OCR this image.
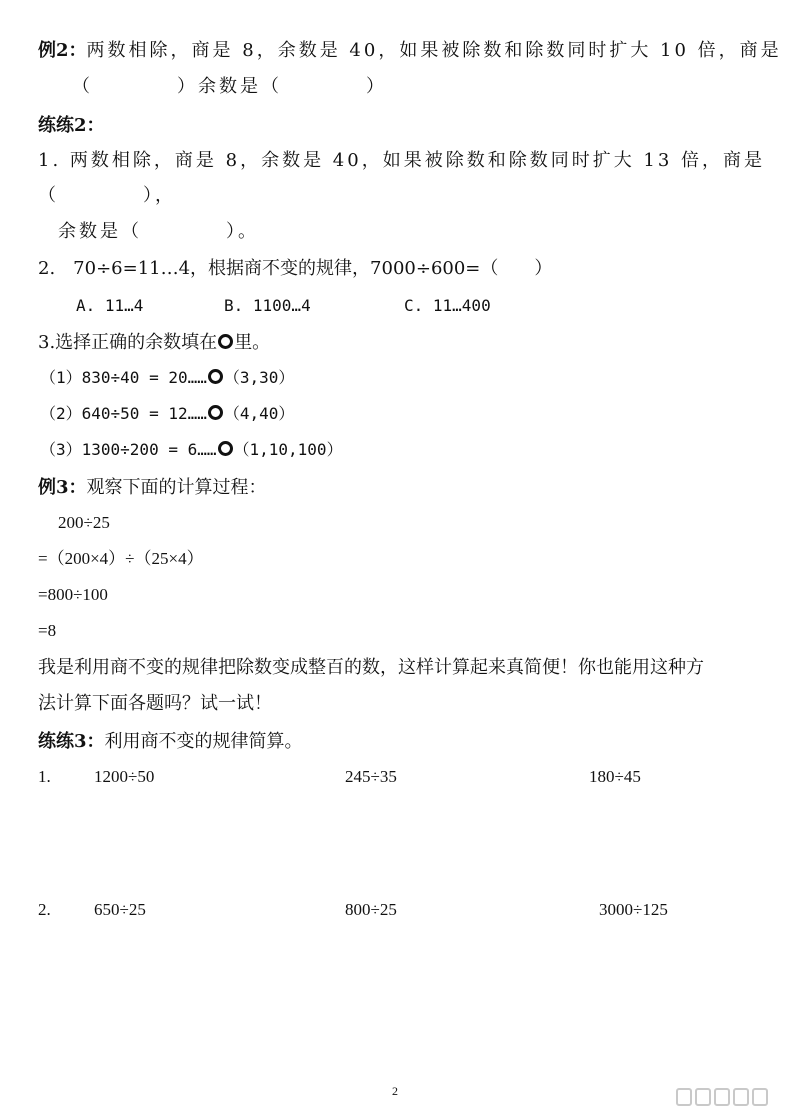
例2：两数相除，商是 8，余数是 40，如果被除数和除数同时扩大 10 倍，商是
（　　　　）余数是（　　　　）
练练2：
1. 两数相除，商是 8，余数是 40，如果被除数和除数同时扩大 13 倍，商是
（　　　　），
余数是（　　　　）。
2.　70÷6=11…4，根据商不变的规律，7000÷600=（　　）
A. 11…4	B. 1100…4	C. 11…400
3.选择正确的余数填在 里。
（1）830÷40 = 20…… （3,30）
（2）640÷50 = 12…… （4,40）
（3）1300÷200 = 6…… （1,10,100）
例3：观察下面的计算过程：
200÷25
=（200×4）÷（25×4）
=800÷100
=8
我是利用商不变的规律把除数变成整百的数，这样计算起来真简便！你也能用这种方
法计算下面各题吗？试一试！
练练3：利用商不变的规律简算。
1.	1200÷50	245÷35	180÷45
2.	650÷25	800÷25	3000÷125
2
